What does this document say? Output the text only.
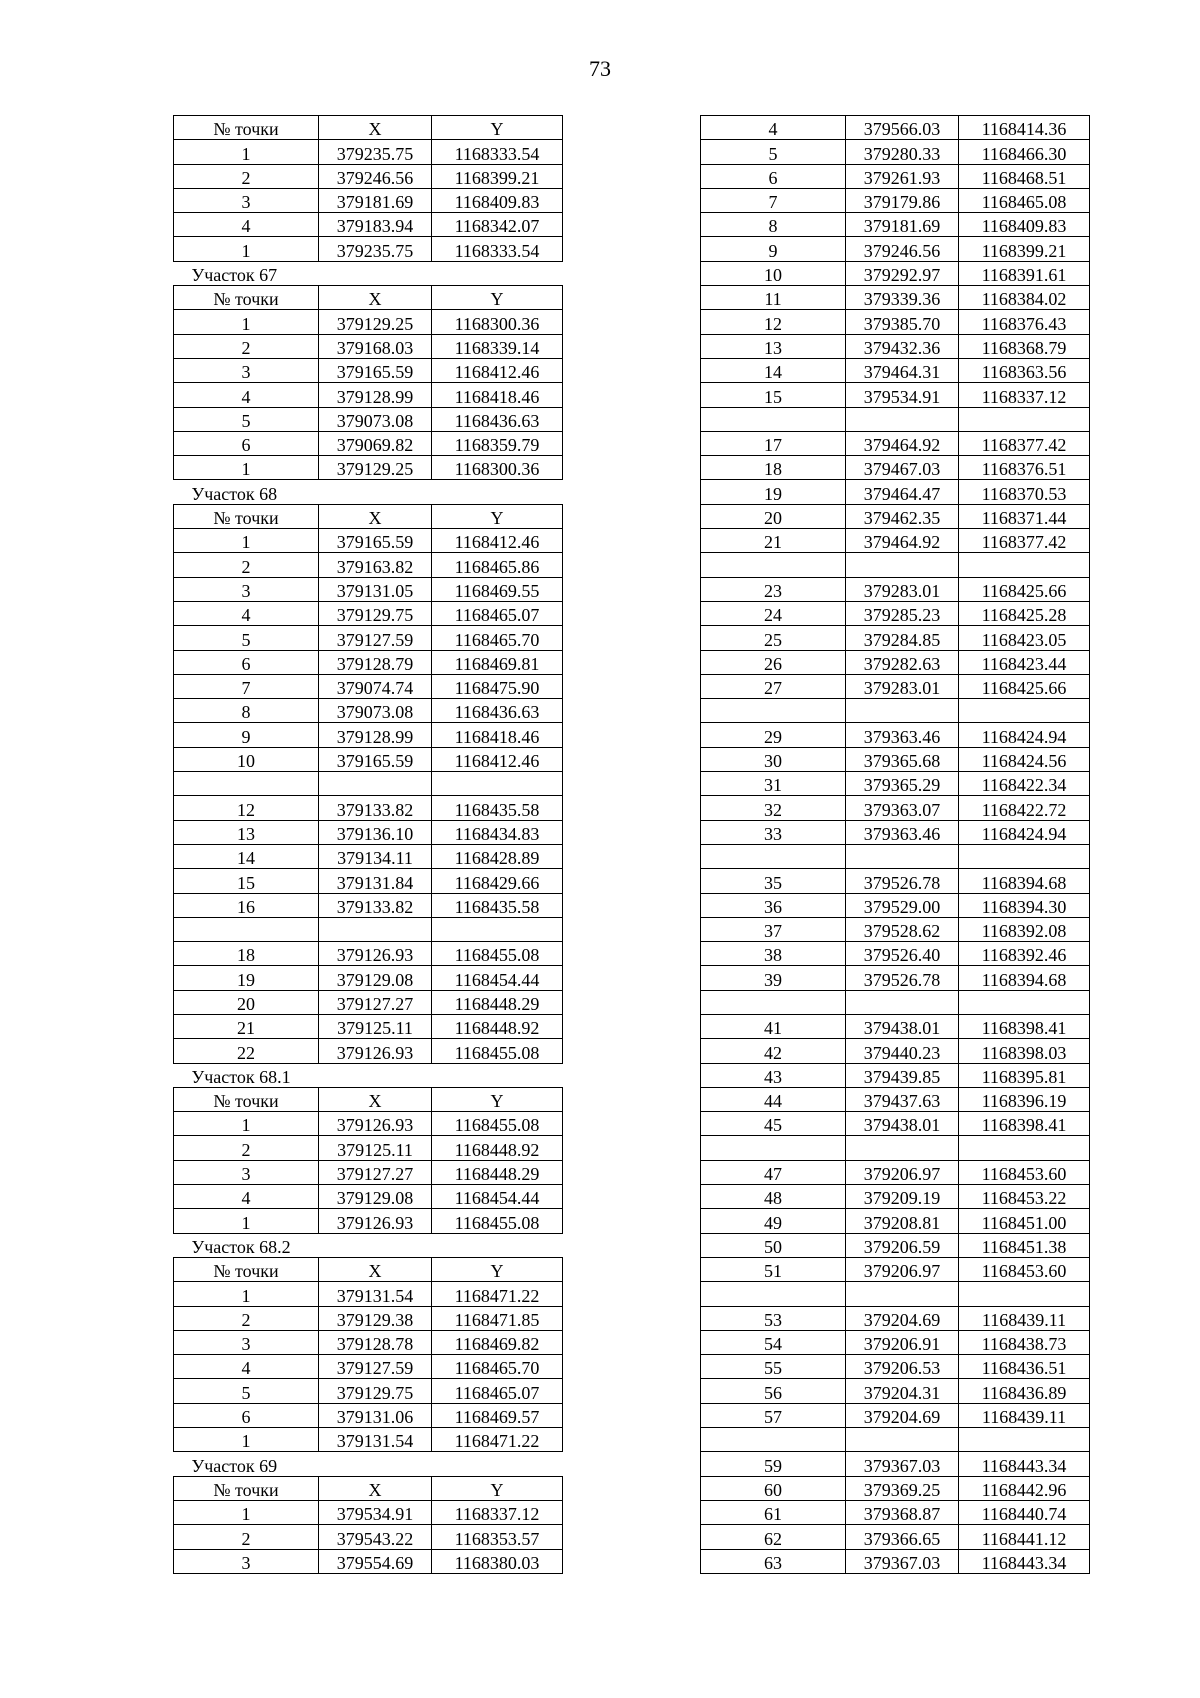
73
№ точки	X	Y
1	379235.75	1168333.54
2	379246.56	1168399.21
3	379181.69	1168409.83
4	379183.94	1168342.07
1	379235.75	1168333.54
Участок 67		
№ точки	X	Y
1	379129.25	1168300.36
2	379168.03	1168339.14
3	379165.59	1168412.46
4	379128.99	1168418.46
5	379073.08	1168436.63
6	379069.82	1168359.79
1	379129.25	1168300.36
Участок 68		
№ точки	X	Y
1	379165.59	1168412.46
2	379163.82	1168465.86
3	379131.05	1168469.55
4	379129.75	1168465.07
5	379127.59	1168465.70
6	379128.79	1168469.81
7	379074.74	1168475.90
8	379073.08	1168436.63
9	379128.99	1168418.46
10	379165.59	1168412.46

12	379133.82	1168435.58
13	379136.10	1168434.83
14	379134.11	1168428.89
15	379131.84	1168429.66
16	379133.82	1168435.58

18	379126.93	1168455.08
19	379129.08	1168454.44
20	379127.27	1168448.29
21	379125.11	1168448.92
22	379126.93	1168455.08
Участок 68.1		
№ точки	X	Y
1	379126.93	1168455.08
2	379125.11	1168448.92
3	379127.27	1168448.29
4	379129.08	1168454.44
1	379126.93	1168455.08
Участок 68.2		
№ точки	X	Y
1	379131.54	1168471.22
2	379129.38	1168471.85
3	379128.78	1168469.82
4	379127.59	1168465.70
5	379129.75	1168465.07
6	379131.06	1168469.57
1	379131.54	1168471.22
Участок 69		
№ точки	X	Y
1	379534.91	1168337.12
2	379543.22	1168353.57
3	379554.69	1168380.03
4	379566.03	1168414.36
5	379280.33	1168466.30
6	379261.93	1168468.51
7	379179.86	1168465.08
8	379181.69	1168409.83
9	379246.56	1168399.21
10	379292.97	1168391.61
11	379339.36	1168384.02
12	379385.70	1168376.43
13	379432.36	1168368.79
14	379464.31	1168363.56
15	379534.91	1168337.12

17	379464.92	1168377.42
18	379467.03	1168376.51
19	379464.47	1168370.53
20	379462.35	1168371.44
21	379464.92	1168377.42

23	379283.01	1168425.66
24	379285.23	1168425.28
25	379284.85	1168423.05
26	379282.63	1168423.44
27	379283.01	1168425.66

29	379363.46	1168424.94
30	379365.68	1168424.56
31	379365.29	1168422.34
32	379363.07	1168422.72
33	379363.46	1168424.94

35	379526.78	1168394.68
36	379529.00	1168394.30
37	379528.62	1168392.08
38	379526.40	1168392.46
39	379526.78	1168394.68

41	379438.01	1168398.41
42	379440.23	1168398.03
43	379439.85	1168395.81
44	379437.63	1168396.19
45	379438.01	1168398.41

47	379206.97	1168453.60
48	379209.19	1168453.22
49	379208.81	1168451.00
50	379206.59	1168451.38
51	379206.97	1168453.60

53	379204.69	1168439.11
54	379206.91	1168438.73
55	379206.53	1168436.51
56	379204.31	1168436.89
57	379204.69	1168439.11

59	379367.03	1168443.34
60	379369.25	1168442.96
61	379368.87	1168440.74
62	379366.65	1168441.12
63	379367.03	1168443.34
